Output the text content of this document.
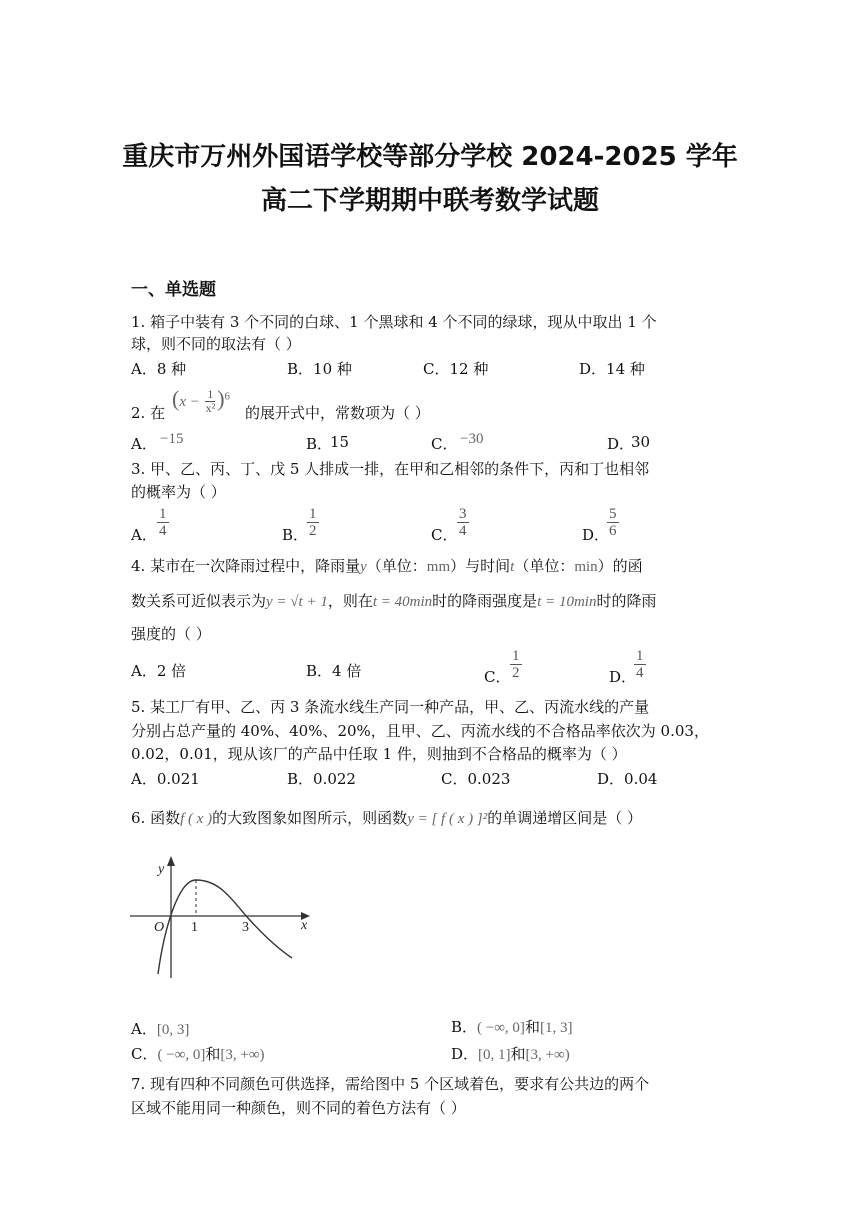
重庆市万州外国语学校等部分学校 2024-2025 学年
高二下学期期中联考数学试题
一、单选题
1. 箱子中装有 3 个不同的白球、1 个黑球和 4 个不同的绿球，现从中取出 1 个
球，则不同的取法有（ ）
A．8 种	B．10 种	C．12 种	D．14 种
2. 在
$(x - \frac{1}{\text{x²}} )^6$
的展开式中，常数项为（ ）
A． −15	B．
15	C． −30	D．
30
3. 甲、乙、丙、丁、戊 5 人排成一排，在甲和乙相邻的条件下，丙和丁也相邻
的概率为（ ）
A． $\frac{1}{4}$	B．
$\frac{1}{2}$	C． $\frac{3}{4}$	D．
$\frac{5}{6}$
4. 某市在一次降雨过程中，降雨量y（单位：mm）与时间t（单位：min）的函
数关系可近似表示为y = √t + 1，则在t = 40min时的降雨强度是t = 10min时的降雨
强度的（ ）
A．2 倍	B．4 倍	C． $\frac{1}{2}$	D．
$\frac{1}{4}$
5. 某工厂有甲、乙、丙 3 条流水线生产同一种产品，甲、乙、丙流水线的产量
分别占总产量的 40%、40%、20%，且甲、乙、丙流水线的不合格品率依次为 0.03，
0.02，0.01，现从该厂的产品中任取 1 件，则抽到不合格品的概率为（ ）
A．0.021	B．0.022	C．0.023	D．0.04
6. 函数f ( x )的大致图象如图所示，则函数y = [ f ( x ) ]²的单调递增区间是（ ）
y
x
O 1	3
A．[0, 3]	B．( −∞, 0]和[1, 3]
C．( −∞, 0]和[3, +∞)	D．[0, 1]和[3, +∞)
7. 现有四种不同颜色可供选择，需给图中 5 个区域着色，要求有公共边的两个
区域不能用同一种颜色，则不同的着色方法有（ ）
